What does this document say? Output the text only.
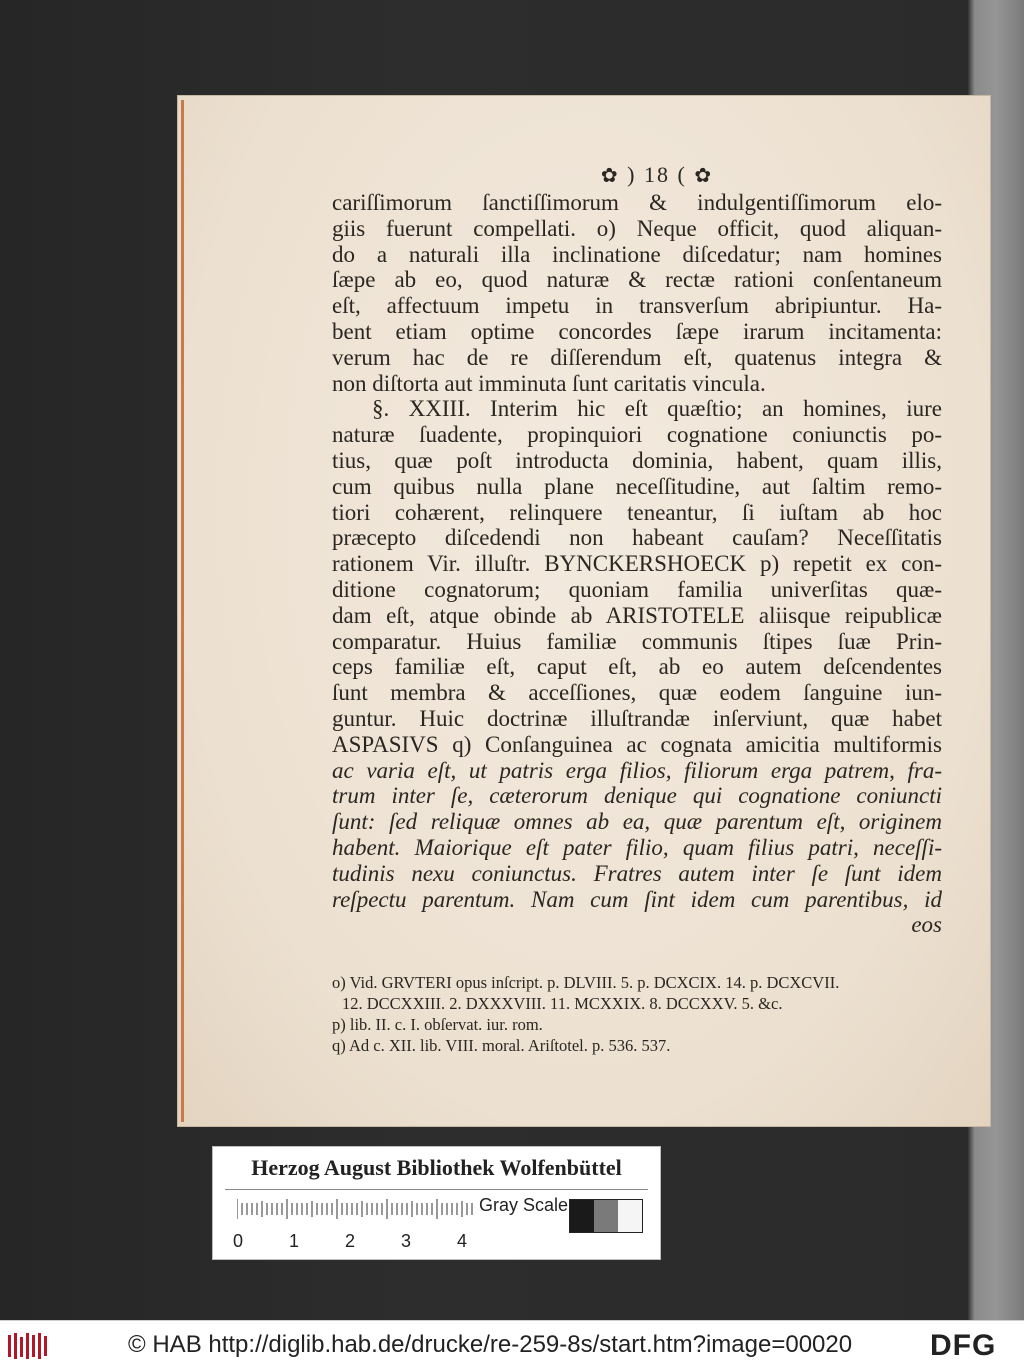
✿ ) 18 ( ✿
cariſſimorum ſanctiſſimorum & indulgentiſſimorum elo-
giis fuerunt compellati. o) Neque officit, quod aliquan-
do a naturali illa inclinatione diſcedatur; nam homines
ſæpe ab eo, quod naturæ & rectæ rationi conſentaneum
eſt, affectuum impetu in transverſum abripiuntur. Ha-
bent etiam optime concordes ſæpe irarum incitamenta:
verum hac de re diſſerendum eſt, quatenus integra &
non diſtorta aut imminuta ſunt caritatis vincula.
§. XXIII. Interim hic eſt quæſtio; an homines, iure
naturæ ſuadente, propinquiori cognatione coniunctis po-
tius, quæ poſt introducta dominia, habent, quam illis,
cum quibus nulla plane neceſſitudine, aut ſaltim remo-
tiori cohærent, relinquere teneantur, ſi iuſtam ab hoc
præcepto diſcedendi non habeant cauſam? Neceſſitatis
rationem Vir. illuſtr. BYNCKERSHOECK p) repetit ex con-
ditione cognatorum; quoniam familia univerſitas quæ-
dam eſt, atque obinde ab ARISTOTELE aliisque reipublicæ
comparatur. Huius familiæ communis ſtipes ſuæ Prin-
ceps familiæ eſt, caput eſt, ab eo autem deſcendentes
ſunt membra & acceſſiones, quæ eodem ſanguine iun-
guntur. Huic doctrinæ illuſtrandæ inſerviunt, quæ habet
ASPASIVS q) Conſanguinea ac cognata amicitia multiformis
ac varia eſt, ut patris erga filios, filiorum erga patrem, fra-
trum inter ſe, cæterorum denique qui cognatione coniuncti
ſunt: ſed reliquæ omnes ab ea, quæ parentum eſt, originem
habent. Maiorique eſt pater filio, quam filius patri, neceſſi-
tudinis nexu coniunctus. Fratres autem inter ſe ſunt idem
reſpectu parentum. Nam cum ſint idem cum parentibus, id
eos
o) Vid. GRVTERI opus inſcript. p. DLVIII. 5. p. DCXCIX. 14. p. DCXCVII.
12. DCCXXIII. 2. DXXXVIII. 11. MCXXIX. 8. DCCXXV. 5. &c.
p) lib. II. c. I. obſervat. iur. rom.
q) Ad c. XII. lib. VIII. moral. Ariſtotel. p. 536. 537.
Herzog August Bibliothek Wolfenbüttel
0	1	2	3	4
Gray Scale
© HAB http://diglib.hab.de/drucke/re-259-8s/start.htm?image=00020	DFG
